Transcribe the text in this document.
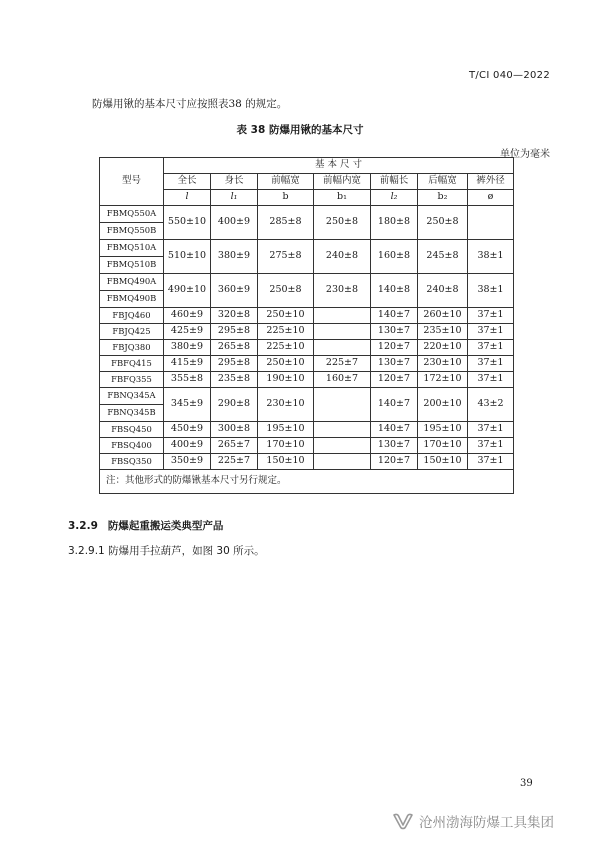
T/CI 040—2022
防爆用锹的基本尺寸应按照表38 的规定。
表 38 防爆用锹的基本尺寸
单位为毫米
型号	基 本 尺 寸						
	全长	身长	前幅宽	前幅内宽	前幅长	后幅宽	裤外径
	l	l₁	b	b₁	l₂	b₂	ø
FBMQ550A	550±10	400±9	285±8	250±8	180±8	250±8	
FBMQ550B							
FBMQ510A	510±10	380±9	275±8	240±8	160±8	245±8	38±1
FBMQ510B							
FBMQ490A	490±10	360±9	250±8	230±8	140±8	240±8	38±1
FBMQ490B							
FBJQ460	460±9	320±8	250±10		140±7	260±10	37±1
FBJQ425	425±9	295±8	225±10		130±7	235±10	37±1
FBJQ380	380±9	265±8	225±10		120±7	220±10	37±1
FBFQ415	415±9	295±8	250±10	225±7	130±7	230±10	37±1
FBFQ355	355±8	235±8	190±10	160±7	120±7	172±10	37±1
FBNQ345A	345±9	290±8	230±10		140±7	200±10	43±2
FBNQ345B							
FBSQ450	450±9	300±8	195±10		140±7	195±10	37±1
FBSQ400	400±9	265±7	170±10		130±7	170±10	37±1
FBSQ350	350±9	225±7	150±10		120±7	150±10	37±1
注：其他形式的防爆锹基本尺寸另行规定。							
3.2.9 防爆起重搬运类典型产品
3.2.9.1 防爆用手拉葫芦，如图 30 所示。
39
沧州渤海防爆工具集团
